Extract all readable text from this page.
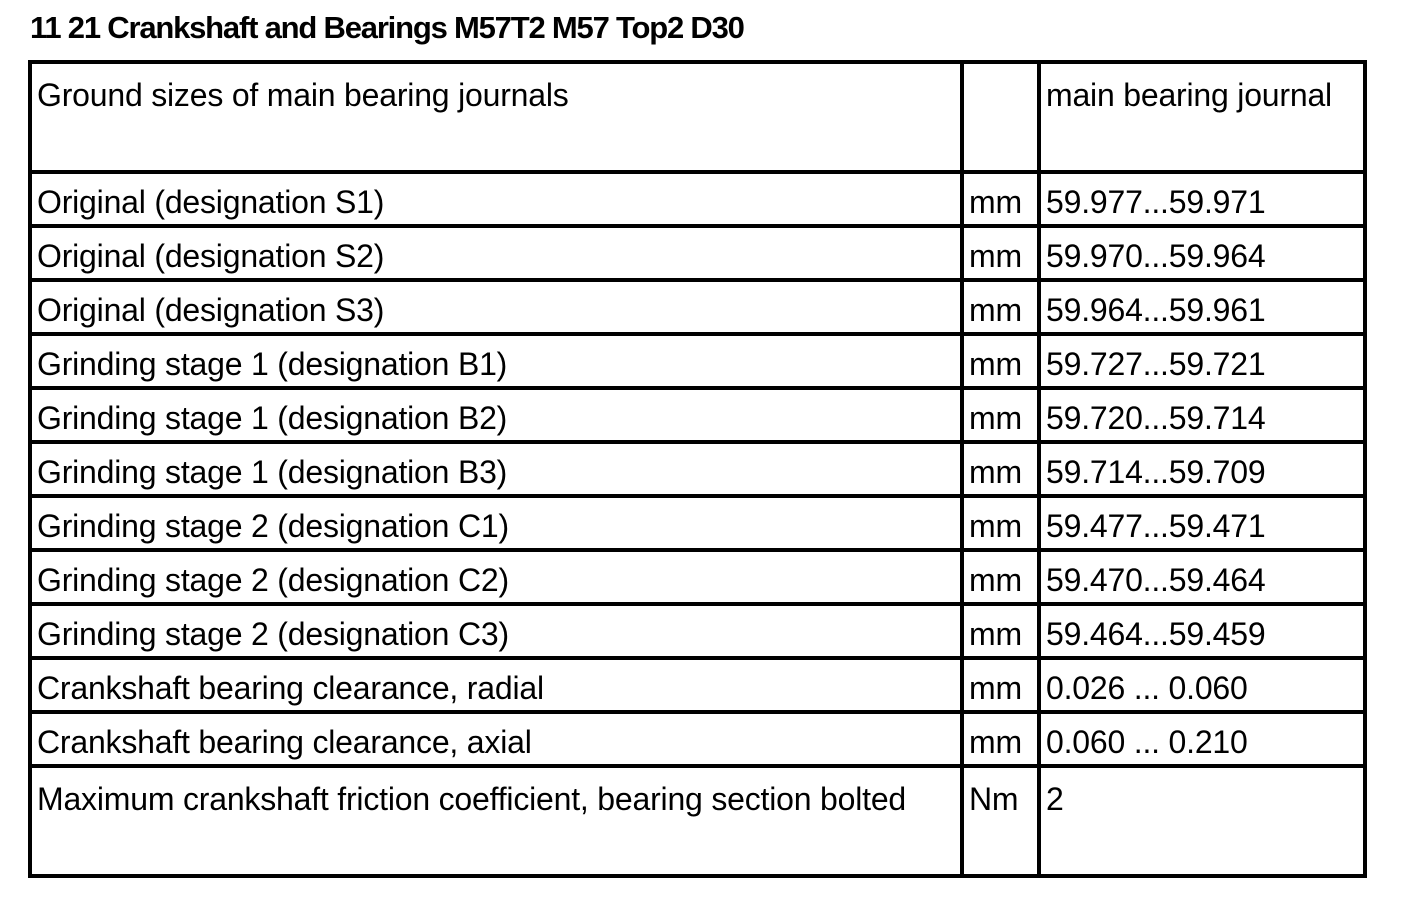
11 21 Crankshaft and Bearings M57T2 M57 Top2 D30
Ground sizes of main bearing journals		main bearing journal
Original (designation S1)	mm	59.977...59.971
Original (designation S2)	mm	59.970...59.964
Original (designation S3)	mm	59.964...59.961
Grinding stage 1 (designation B1)	mm	59.727...59.721
Grinding stage 1 (designation B2)	mm	59.720...59.714
Grinding stage 1 (designation B3)	mm	59.714...59.709
Grinding stage 2 (designation C1)	mm	59.477...59.471
Grinding stage 2 (designation C2)	mm	59.470...59.464
Grinding stage 2 (designation C3)	mm	59.464...59.459
Crankshaft bearing clearance, radial	mm	0.026 ... 0.060
Crankshaft bearing clearance, axial	mm	0.060 ... 0.210
Maximum crankshaft friction coefficient, bearing section bolted	Nm	2
